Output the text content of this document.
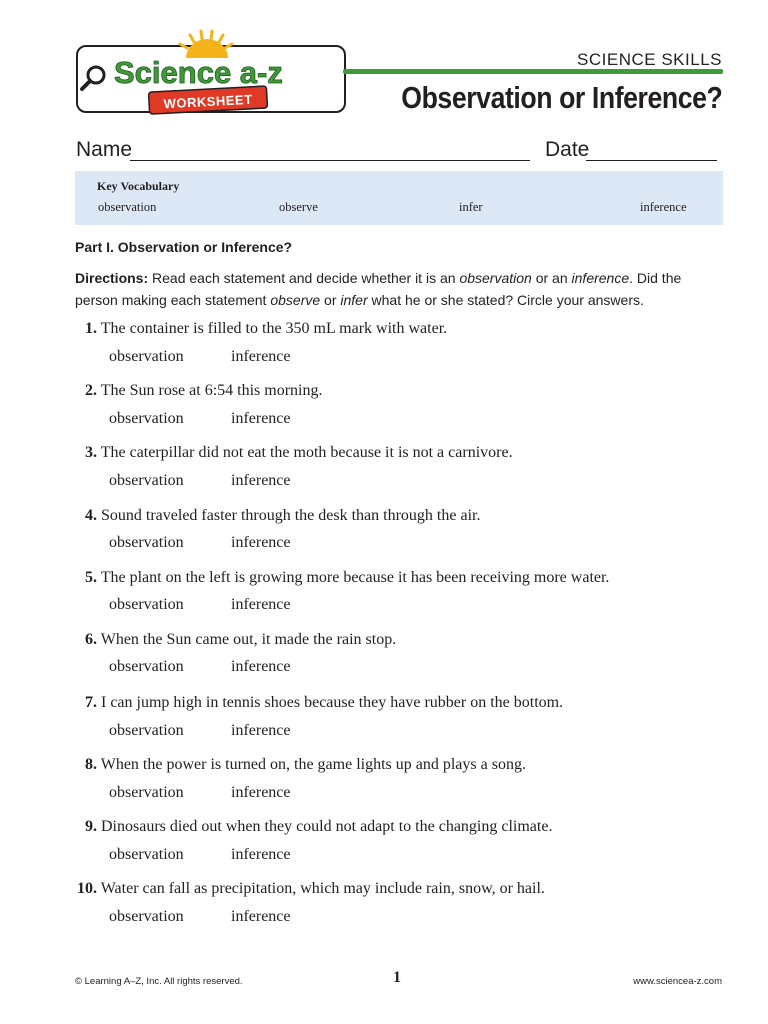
Science a-z
WORKSHEET
SCIENCE SKILLS
Observation or Inference?
Name	Date
Key Vocabulary
observation	observe	infer	inference
Part I. Observation or Inference?
Directions: Read each statement and decide whether it is an observation or an inference. Did the person making each statement observe or infer what he or she stated? Circle your answers.
1. The container is filled to the 350 mL mark with water.
observation	inference
2. The Sun rose at 6:54 this morning.
observation	inference
3. The caterpillar did not eat the moth because it is not a carnivore.
observation	inference
4. Sound traveled faster through the desk than through the air.
observation	inference
5. The plant on the left is growing more because it has been receiving more water.
observation	inference
6. When the Sun came out, it made the rain stop.
observation	inference
7. I can jump high in tennis shoes because they have rubber on the bottom.
observation	inference
8. When the power is turned on, the game lights up and plays a song.
observation	inference
9. Dinosaurs died out when they could not adapt to the changing climate.
observation	inference
10. Water can fall as precipitation, which may include rain, snow, or hail.
observation	inference
© Learning A–Z, Inc. All rights reserved.	1	www.sciencea-z.com
